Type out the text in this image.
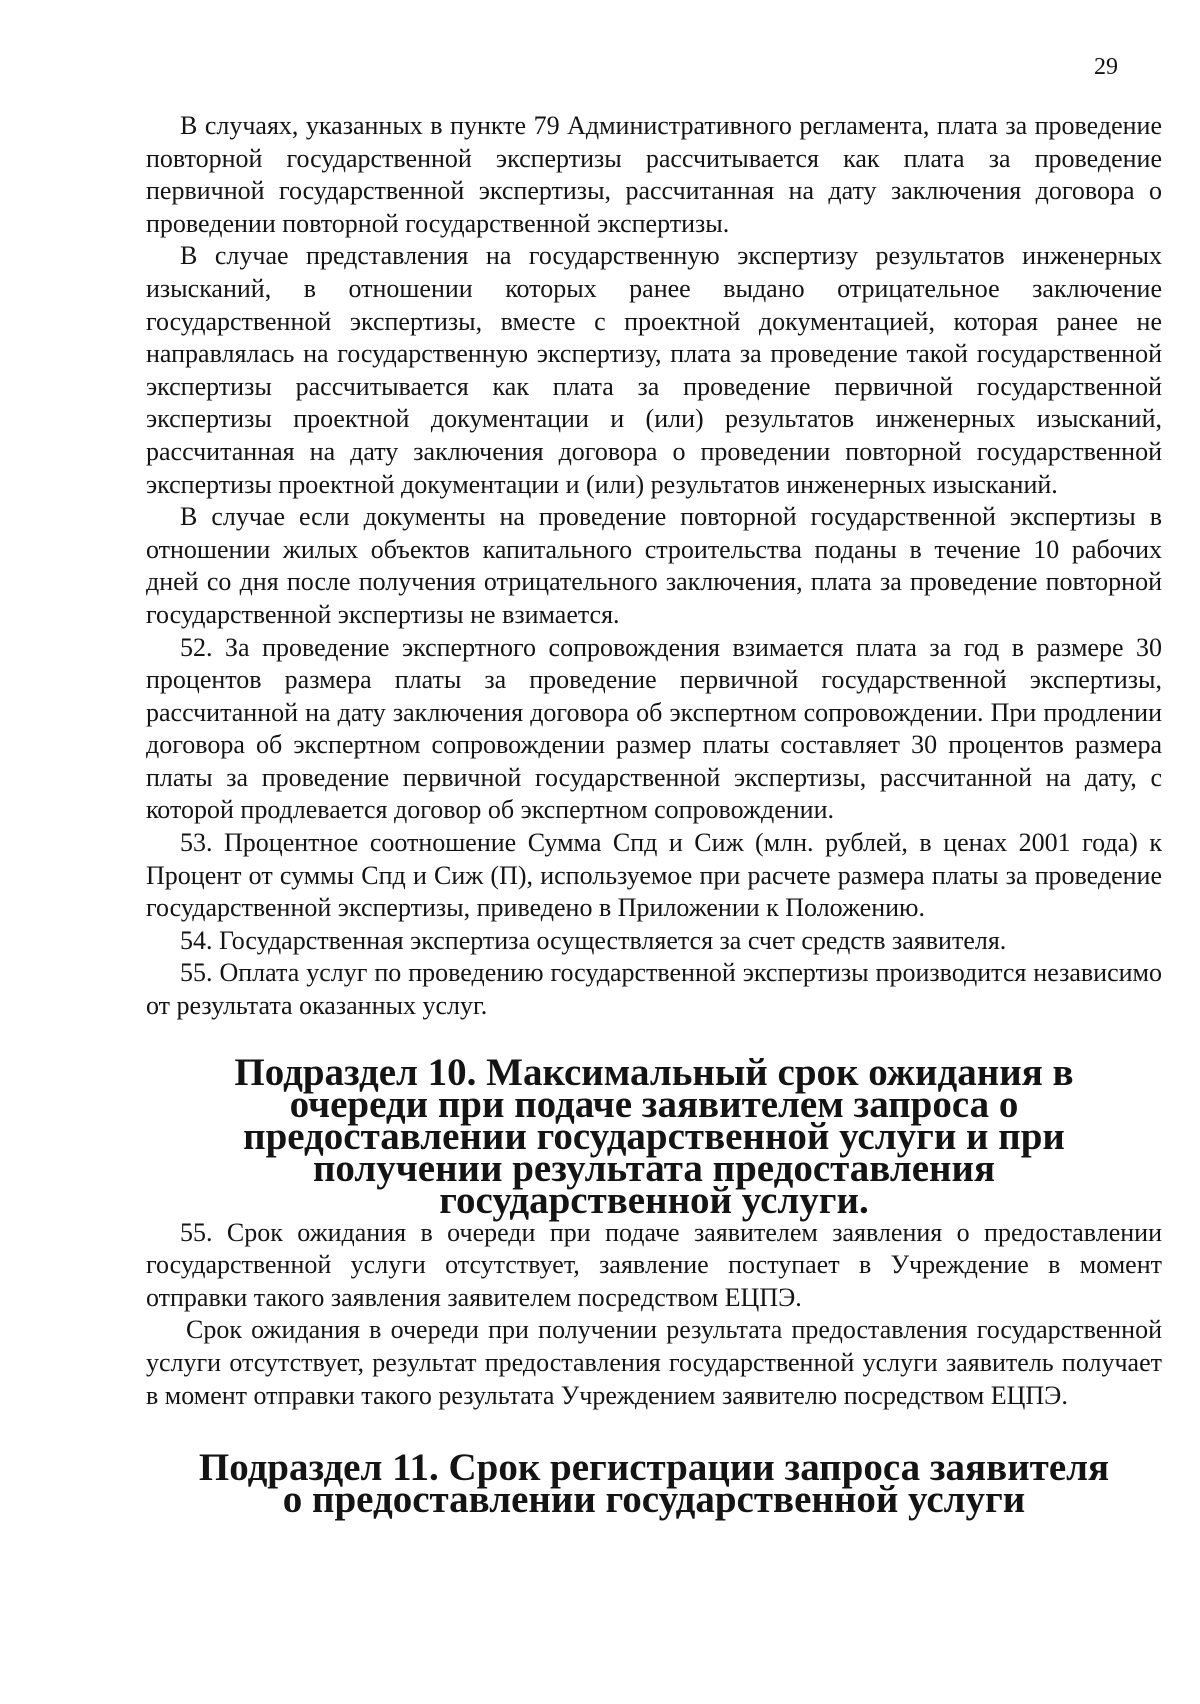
29

В случаях, указанных в пункте 79 Административного регламента, плата за проведение повторной государственной экспертизы рассчитывается как плата за проведение первичной государственной экспертизы, рассчитанная на дату заключения договора о проведении повторной государственной экспертизы.

В случае представления на государственную экспертизу результатов инженерных изысканий, в отношении которых ранее выдано отрицательное заключение государственной экспертизы, вместе с проектной документацией, которая ранее не направлялась на государственную экспертизу, плата за проведение такой государственной экспертизы рассчитывается как плата за проведение первичной государственной экспертизы проектной документации и (или) результатов инженерных изысканий, рассчитанная на дату заключения договора о проведении повторной государственной экспертизы проектной документации и (или) результатов инженерных изысканий.

В случае если документы на проведение повторной государственной экспертизы в отношении жилых объектов капитального строительства поданы в течение 10 рабочих дней со дня после получения отрицательного заключения, плата за проведение повторной государственной экспертизы не взимается.

52. За проведение экспертного сопровождения взимается плата за год в размере 30 процентов размера платы за проведение первичной государственной экспертизы, рассчитанной на дату заключения договора об экспертном сопровождении. При продлении договора об экспертном сопровождении размер платы составляет 30 процентов размера платы за проведение первичной государственной экспертизы, рассчитанной на дату, с которой продлевается договор об экспертном сопровождении.

53. Процентное соотношение Сумма Спд и Сиж (млн. рублей, в ценах 2001 года) к Процент от суммы Спд и Сиж (П), используемое при расчете размера платы за проведение государственной экспертизы, приведено в Приложении к Положению.

54. Государственная экспертиза осуществляется за счет средств заявителя.

55. Оплата услуг по проведению государственной экспертизы производится независимо от результата оказанных услуг.

Подраздел 10. Максимальный срок ожидания в очереди при подаче заявителем запроса о предоставлении государственной услуги и при получении результата предоставления государственной услуги.

55. Срок ожидания в очереди при подаче заявителем заявления о предоставлении государственной услуги отсутствует, заявление поступает в Учреждение в момент отправки такого заявления заявителем посредством ЕЦПЭ.

Срок ожидания в очереди при получении результата предоставления государственной услуги отсутствует, результат предоставления государственной услуги заявитель получает в момент отправки такого результата Учреждением заявителю посредством ЕЦПЭ.

Подраздел 11. Срок регистрации запроса заявителя о предоставлении государственной услуги
